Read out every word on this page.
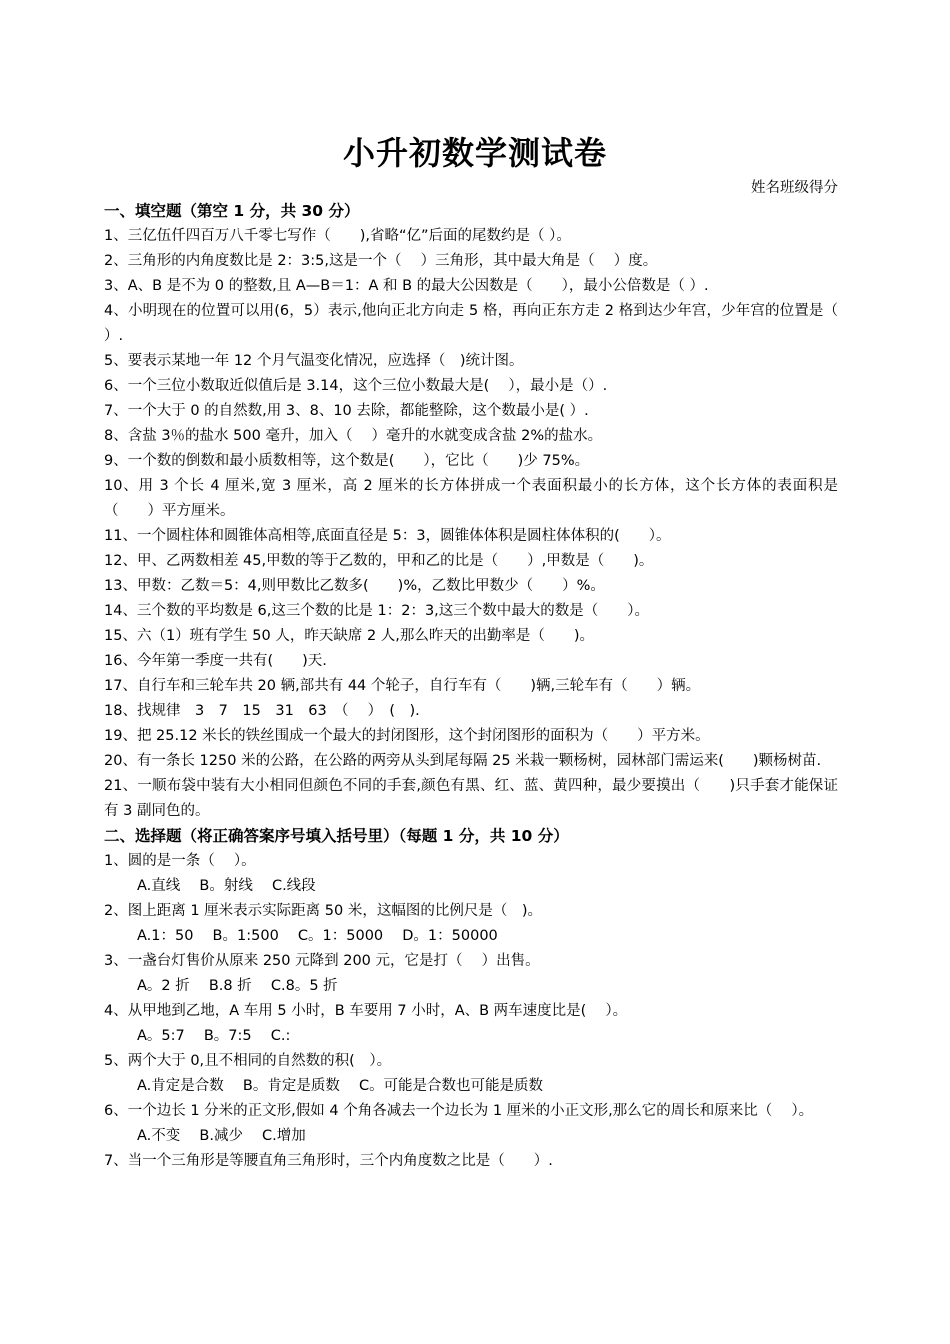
小升初数学测试卷
姓名班级得分
一、填空题（第空 1 分，共 30 分）
1、三亿伍仟四百万八千零七写作（　　),省略“亿”后面的尾数约是（ ）。
2、三角形的内角度数比是 2：3:5,这是一个（　 ）三角形，其中最大角是（　 ）度。
3、A、B 是不为 0 的整数,且 A—B＝1：A 和 B 的最大公因数是（　　），最小公倍数是（ ）.
4、小明现在的位置可以用(6，5）表示,他向正北方向走 5 格，再向正东方走 2 格到达少年宫，少年宫的位置是（　 ）.
5、要表示某地一年 12 个月气温变化情况，应选择（　)统计图。
6、一个三位小数取近似值后是 3.14，这个三位小数最大是(　 ），最小是（）.
7、一个大于 0 的自然数,用 3、8、10 去除，都能整除，这个数最小是( ）.
8、含盐 3％的盐水 500 毫升，加入（　 ）毫升的水就变成含盐 2%的盐水。
9、一个数的倒数和最小质数相等，这个数是(　　），它比（　　)少 75%。
10、用 3 个长 4 厘米,宽 3 厘米，高 2 厘米的长方体拼成一个表面积最小的长方体，这个长方体的表面积是（　　）平方厘米。
11、一个圆柱体和圆锥体高相等,底面直径是 5：3，圆锥体体积是圆柱体体积的(　　）。
12、甲、乙两数相差 45,甲数的等于乙数的，甲和乙的比是（　　）,甲数是（　　)。
13、甲数：乙数＝5：4,则甲数比乙数多(　　)%，乙数比甲数少（　　）%。
14、三个数的平均数是 6,这三个数的比是 1：2：3,这三个数中最大的数是（　　）。
15、六（1）班有学生 50 人，昨天缺席 2 人,那么昨天的出勤率是（　　)。
16、今年第一季度一共有(　　)天.
17、自行车和三轮车共 20 辆,部共有 44 个轮子，自行车有（　　)辆,三轮车有（　　）辆。
18、找规律　3　7　15　31　63　（　 ）　(　).
19、把 25.12 米长的铁丝围成一个最大的封闭图形，这个封闭图形的面积为（　　）平方米。
20、有一条长 1250 米的公路，在公路的两旁从头到尾每隔 25 米栽一颗杨树，园林部门需运来(　　)颗杨树苗.
21、一顺布袋中装有大小相同但颜色不同的手套,颜色有黑、红、蓝、黄四种，最少要摸出（　　)只手套才能保证有 3 副同色的。
二、选择题（将正确答案序号填入括号里）（每题 1 分，共 10 分）
1、圆的是一条（　 ）。
A.直线　 B。射线　 C.线段
2、图上距离 1 厘米表示实际距离 50 米，这幅图的比例尺是（　)。
A.1：50　 B。1:500　 C。1：5000　 D。1：50000
3、一盏台灯售价从原来 250 元降到 200 元，它是打（　 ）出售。
A。2 折　 B.8 折　 C.8。5 折
4、从甲地到乙地，A 车用 5 小时，B 车要用 7 小时，A、B 两车速度比是(　 ）。
A。5:7　 B。7:5　 C.:
5、两个大于 0,且不相同的自然数的积(　）。
A.肯定是合数　 B。肯定是质数　 C。可能是合数也可能是质数
6、一个边长 1 分米的正文形,假如 4 个角各减去一个边长为 1 厘米的小正文形,那么它的周长和原来比（　 ）。
A.不变　 B.减少　 C.增加
7、当一个三角形是等腰直角三角形时，三个内角度数之比是（　　）.
